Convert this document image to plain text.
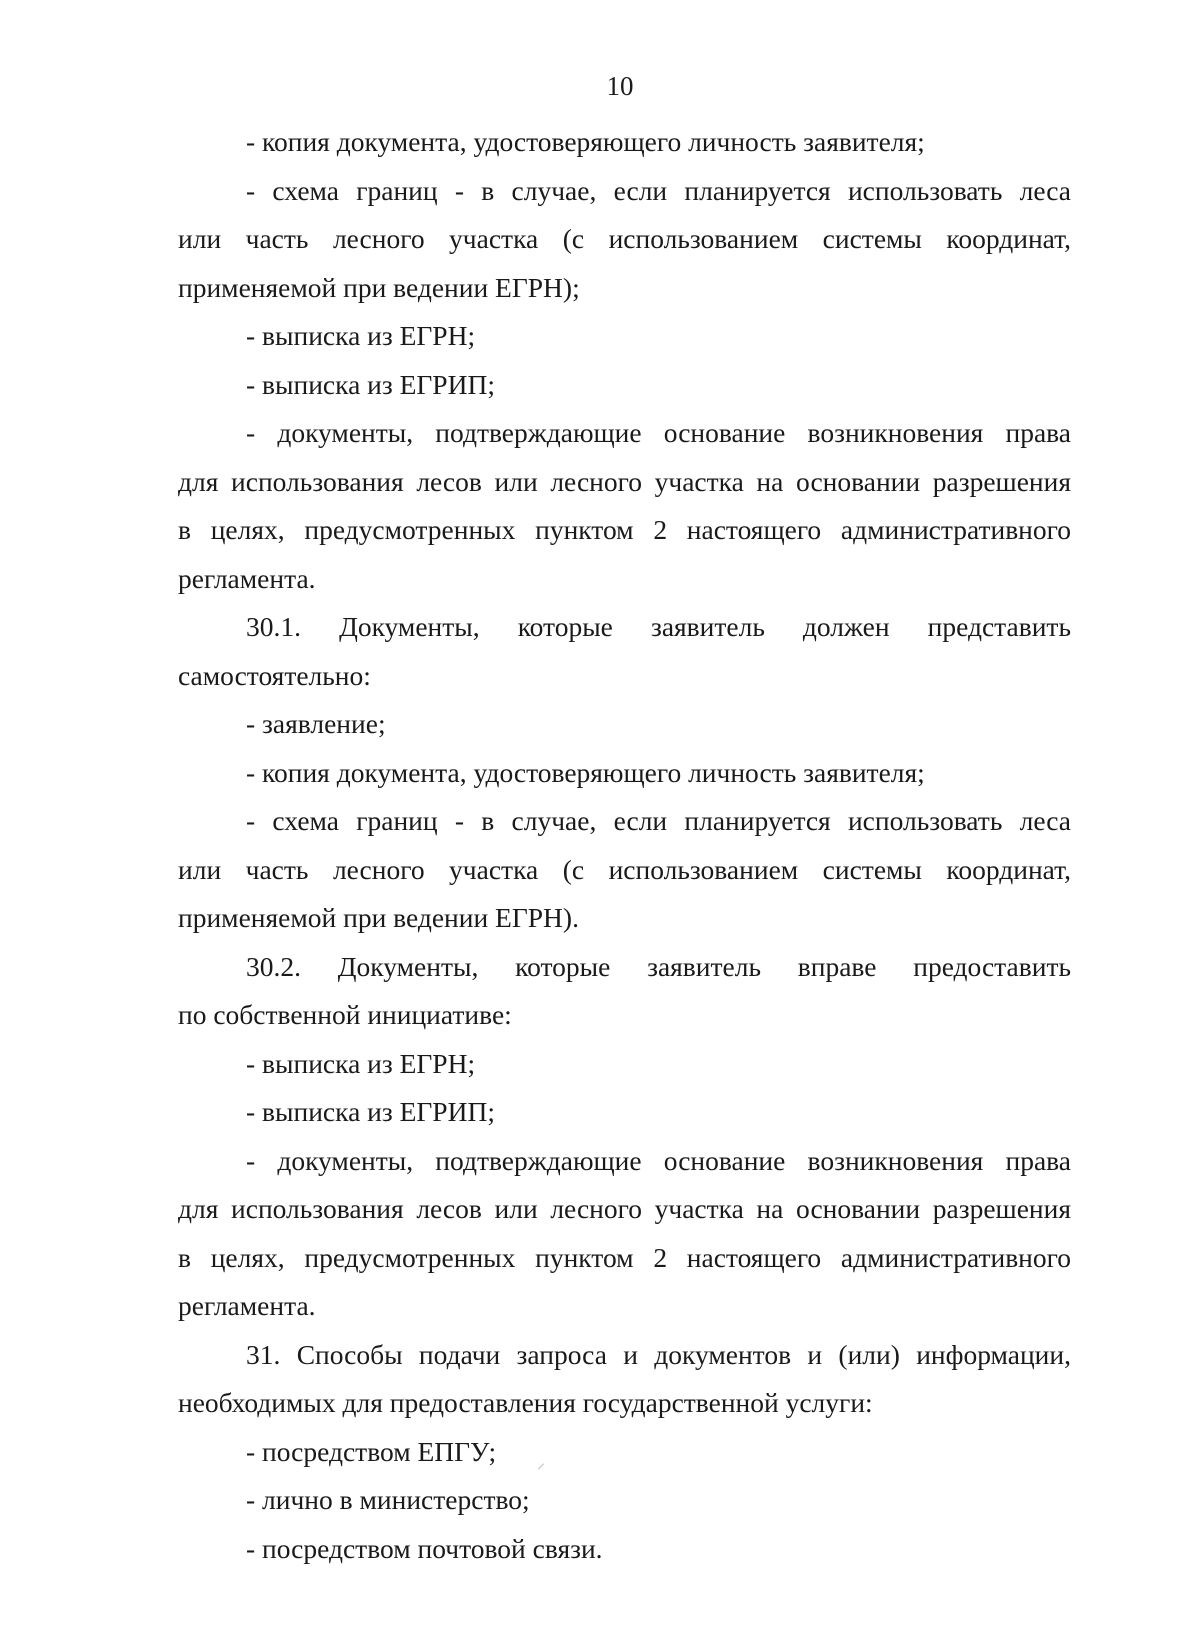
10
- копия документа, удостоверяющего личность заявителя;
- схема границ - в случае, если планируется использовать леса
или часть лесного участка (с использованием системы координат,
применяемой при ведении ЕГРН);
- выписка из ЕГРН;
- выписка из ЕГРИП;
- документы, подтверждающие основание возникновения права
для использования лесов или лесного участка на основании разрешения
в целях, предусмотренных пунктом 2 настоящего административного
регламента.
30.1. Документы, которые заявитель должен представить
самостоятельно:
- заявление;
- копия документа, удостоверяющего личность заявителя;
- схема границ - в случае, если планируется использовать леса
или часть лесного участка (с использованием системы координат,
применяемой при ведении ЕГРН).
30.2. Документы, которые заявитель вправе предоставить
по собственной инициативе:
- выписка из ЕГРН;
- выписка из ЕГРИП;
- документы, подтверждающие основание возникновения права
для использования лесов или лесного участка на основании разрешения
в целях, предусмотренных пунктом 2 настоящего административного
регламента.
31. Способы подачи запроса и документов и (или) информации,
необходимых для предоставления государственной услуги:
- посредством ЕПГУ;
- лично в министерство;
- посредством почтовой связи.
